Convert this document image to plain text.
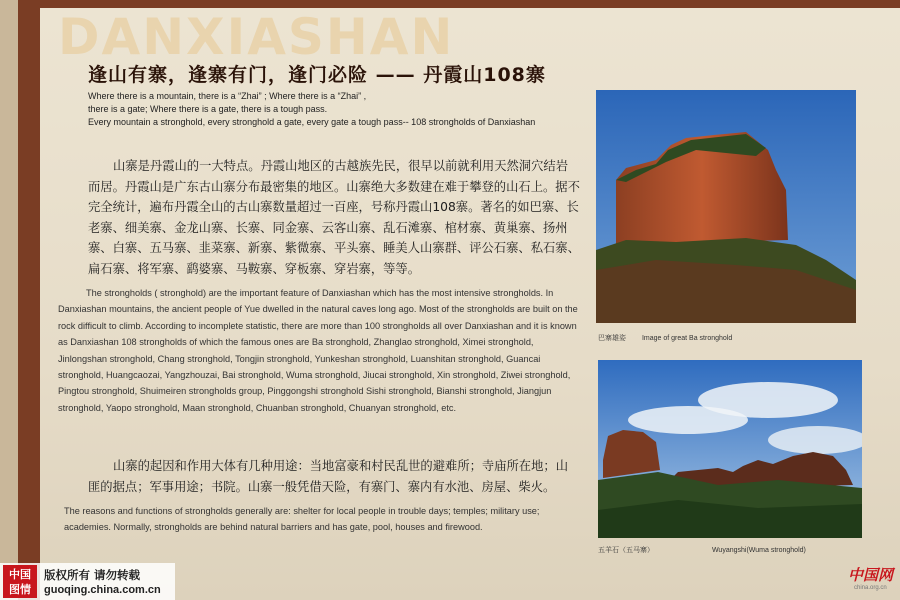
DANXIASHAN
逢山有寨，逢寨有门，逢门必险 —— 丹霞山108寨
Where there is a mountain, there is a “Zhai” ; Where there is a “Zhai” ,
there is a gate; Where there is a gate, there is a tough pass.
Every mountain a stronghold, every stronghold a gate, every gate a tough pass-- 108 strongholds of Danxiashan
山寨是丹霞山的一大特点。丹霞山地区的古越族先民，很早以前就利用天然洞穴结岩而居。丹霞山是广东古山寨分布最密集的地区。山寨绝大多数建在难于攀登的山石上。据不完全统计，遍布丹霞全山的古山寨数量超过一百座，号称丹霞山108寨。著名的如巴寨、长老寨、细美寨、金龙山寨、长寨、同金寨、云客山寨、乱石滩寨、棺材寨、黄巢寨、扬州寨、白寨、五马寨、韭菜寨、新寨、紫微寨、平头寨、睡美人山寨群、评公石寨、私石寨、扁石寨、将军寨、鹞婆寨、马鞍寨、穿板寨、穿岩寨，等等。
The strongholds ( stronghold) are the important feature of Danxiashan which has the most intensive strongholds. In Danxiashan mountains, the ancient people of Yue dwelled in the natural caves long ago. Most of the strongholds are built on the rock difficult to climb. According to incomplete statistic, there are more than 100 strongholds all over Danxiashan and it is known as Danxiashan 108 strongholds of which the famous ones are Ba stronghold, Zhanglao stronghold, Ximei stronghold, Jinlongshan stronghold, Chang stronghold, Tongjin stronghold, Yunkeshan stronghold, Luanshitan stronghold, Guancai stronghold, Huangcaozai, Yangzhouzai, Bai stronghold, Wuma stronghold, Jiucai stronghold, Xin stronghold, Ziwei stronghold, Pingtou stronghold, Shuimeiren strongholds group, Pinggongshi stronghold Sishi stronghold, Bianshi stronghold, Jiangjun stronghold, Yaopo stronghold, Maan stronghold, Chuanban stronghold, Chuanyan stronghold, etc.
山寨的起因和作用大体有几种用途：当地富豪和村民乱世的避难所；寺庙所在地；山匪的据点；军事用途；书院。山寨一般凭借天险，有寨门、寨内有水池、房屋、柴火。
The reasons and functions of strongholds generally are: shelter for local people in trouble days; temples; military use; academies. Normally, strongholds are behind natural barriers and has gate, pool, houses and firewood.
巴寨雄姿 Image of great Ba stronghold
五羊石（五马寨）	Wuyangshi(Wuma stronghold)
中国
图情
版权所有 请勿转载
guoqing.china.com.cn
中国网
china.org.cn
